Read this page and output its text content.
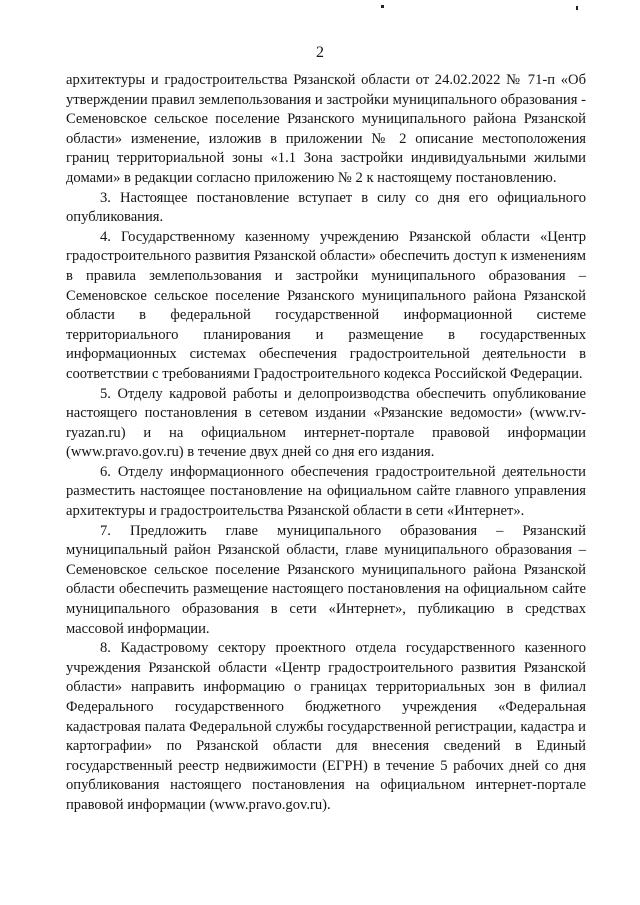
2

архитектуры и градостроительства Рязанской области от 24.02.2022 № 71-п «Об утверждении правил землепользования и застройки муниципального образования - Семеновское сельское поселение Рязанского муниципального района Рязанской области» изменение, изложив в приложении № 2 описание местоположения границ территориальной зоны «1.1 Зона застройки индивидуальными жилыми домами» в редакции согласно приложению № 2 к настоящему постановлению.

3. Настоящее постановление вступает в силу со дня его официального опубликования.

4. Государственному казенному учреждению Рязанской области «Центр градостроительного развития Рязанской области» обеспечить доступ к изменениям в правила землепользования и застройки муниципального образования – Семеновское сельское поселение Рязанского муниципального района Рязанской области в федеральной государственной информационной системе территориального планирования и размещение в государственных информационных системах обеспечения градостроительной деятельности в соответствии с требованиями Градостроительного кодекса Российской Федерации.

5. Отделу кадровой работы и делопроизводства обеспечить опубликование настоящего постановления в сетевом издании «Рязанские ведомости» (www.rv-ryazan.ru) и на официальном интернет-портале правовой информации (www.pravo.gov.ru) в течение двух дней со дня его издания.

6. Отделу информационного обеспечения градостроительной деятельности разместить настоящее постановление на официальном сайте главного управления архитектуры и градостроительства Рязанской области в сети «Интернет».

7. Предложить главе муниципального образования – Рязанский муниципальный район Рязанской области, главе муниципального образования – Семеновское сельское поселение Рязанского муниципального района Рязанской области обеспечить размещение настоящего постановления на официальном сайте муниципального образования в сети «Интернет», публикацию в средствах массовой информации.

8. Кадастровому сектору проектного отдела государственного казенного учреждения Рязанской области «Центр градостроительного развития Рязанской области» направить информацию о границах территориальных зон в филиал Федерального государственного бюджетного учреждения «Федеральная кадастровая палата Федеральной службы государственной регистрации, кадастра и картографии» по Рязанской области для внесения сведений в Единый государственный реестр недвижимости (ЕГРН) в течение 5 рабочих дней со дня опубликования настоящего постановления на официальном интернет-портале правовой информации (www.pravo.gov.ru).
